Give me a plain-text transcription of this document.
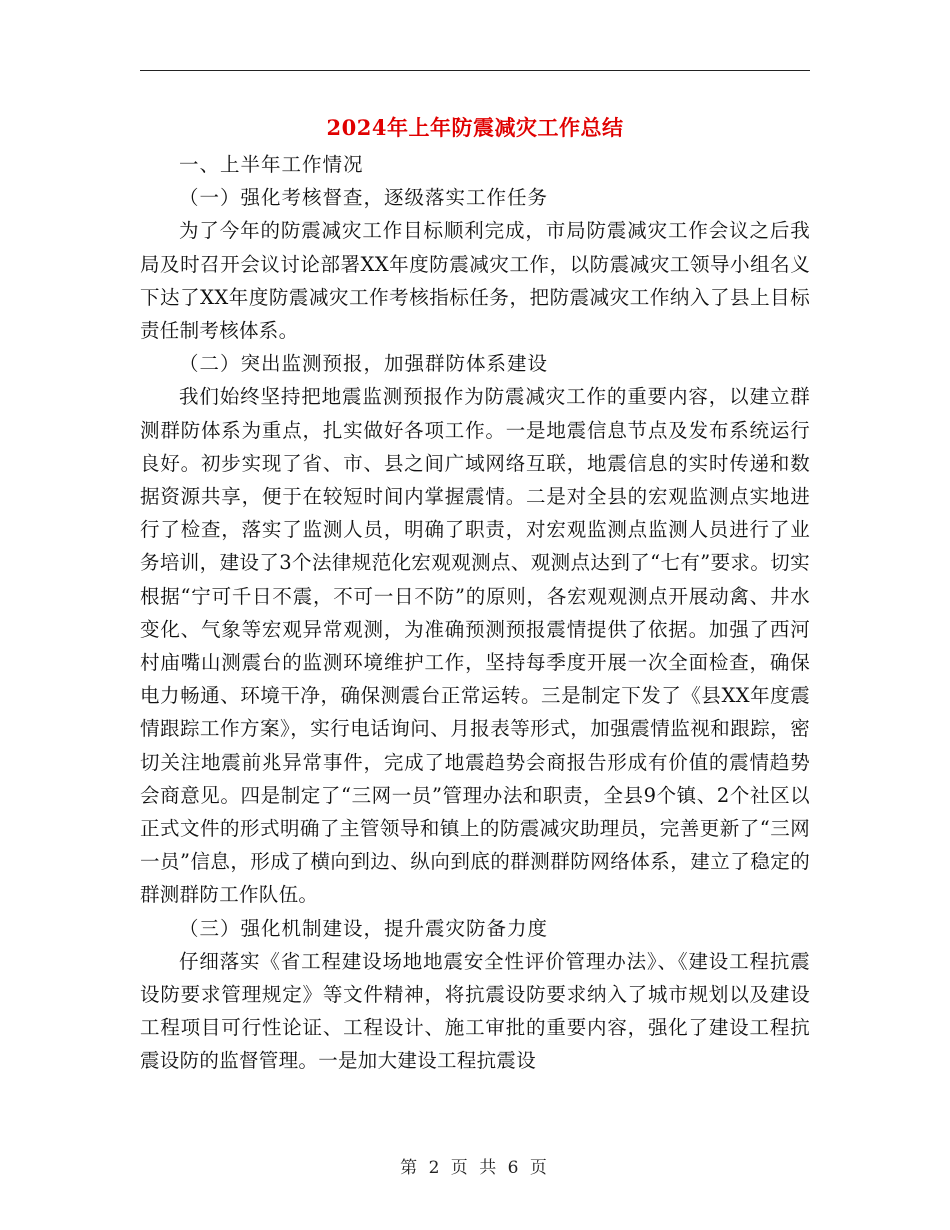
2024年上年防震减灾工作总结

一、上半年工作情况

（一）强化考核督查，逐级落实工作任务

为了今年的防震减灾工作目标顺利完成，市局防震减灾工作会议之后我局及时召开会议讨论部署XX年度防震减灾工作，以防震减灾工领导小组名义下达了XX年度防震减灾工作考核指标任务，把防震减灾工作纳入了县上目标责任制考核体系。

（二）突出监测预报，加强群防体系建设

我们始终坚持把地震监测预报作为防震减灾工作的重要内容，以建立群测群防体系为重点，扎实做好各项工作。一是地震信息节点及发布系统运行良好。初步实现了省、市、县之间广域网络互联，地震信息的实时传递和数据资源共享，便于在较短时间内掌握震情。二是对全县的宏观监测点实地进行了检查，落实了监测人员，明确了职责，对宏观监测点监测人员进行了业务培训，建设了3个法律规范化宏观观测点、观测点达到了“七有”要求。切实根据“宁可千日不震，不可一日不防”的原则，各宏观观测点开展动禽、井水变化、气象等宏观异常观测，为准确预测预报震情提供了依据。加强了西河村庙嘴山测震台的监测环境维护工作，坚持每季度开展一次全面检查，确保电力畅通、环境干净，确保测震台正常运转。三是制定下发了《县XX年度震情跟踪工作方案》，实行电话询问、月报表等形式，加强震情监视和跟踪，密切关注地震前兆异常事件，完成了地震趋势会商报告形成有价值的震情趋势会商意见。四是制定了“三网一员”管理办法和职责，全县9个镇、2个社区以正式文件的形式明确了主管领导和镇上的防震减灾助理员，完善更新了“三网一员”信息，形成了横向到边、纵向到底的群测群防网络体系，建立了稳定的群测群防工作队伍。

（三）强化机制建设，提升震灾防备力度

仔细落实《省工程建设场地地震安全性评价管理办法》、《建设工程抗震设防要求管理规定》等文件精神，将抗震设防要求纳入了城市规划以及建设工程项目可行性论证、工程设计、施工审批的重要内容，强化了建设工程抗震设防的监督管理。一是加大建设工程抗震设

第 2 页 共 6 页
